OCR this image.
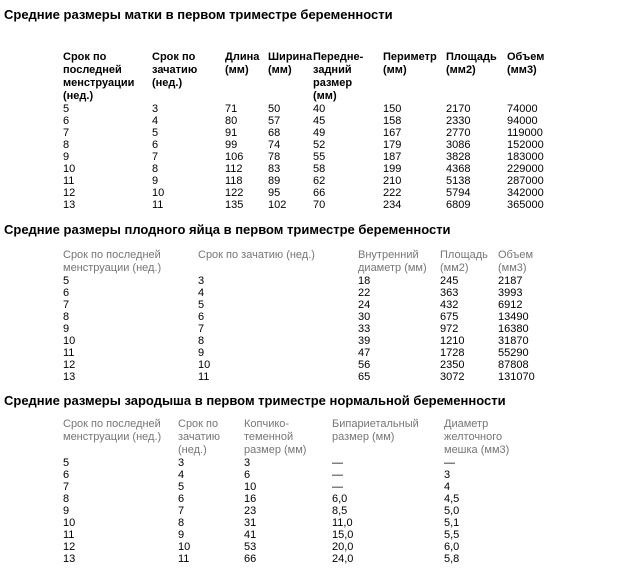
Средние размеры матки в первом триместре беременности
Срок по последней менструации (нед.)	Срок по зачатию (нед.)	Длина (мм)	Ширина (мм)	Передне-задний размер (мм)	Периметр (мм)	Площадь (мм2)	Объем (мм3)
5	3	71	50	40	150	2170	74000
6	4	80	57	45	158	2330	94000
7	5	91	68	49	167	2770	119000
8	6	99	74	52	179	3086	152000
9	7	106	78	55	187	3828	183000
10	8	112	83	58	199	4368	229000
11	9	118	89	62	210	5138	287000
12	10	122	95	66	222	5794	342000
13	11	135	102	70	234	6809	365000
Средние размеры плодного яйца в первом триместре беременности
Срок по последней менструации (нед.)	Срок по зачатию (нед.)	Внутренний диаметр (мм)	Площадь (мм2)	Объем (мм3)
5	3	18	245	2187
6	4	22	363	3993
7	5	24	432	6912
8	6	30	675	13490
9	7	33	972	16380
10	8	39	1210	31870
11	9	47	1728	55290
12	10	56	2350	87808
13	11	65	3072	131070
Средние размеры зародыша в первом триместре нормальной беременности
Срок по последней менструации (нед.)	Срок по зачатию (нед.)	Копчико-теменной размер (мм)	Бипариетальный размер (мм)	Диаметр желточного мешка (мм3)
5	3	3	—	—
6	4	6	—	3
7	5	10	—	4
8	6	16	6,0	4,5
9	7	23	8,5	5,0
10	8	31	11,0	5,1
11	9	41	15,0	5,5
12	10	53	20,0	6,0
13	11	66	24,0	5,8
